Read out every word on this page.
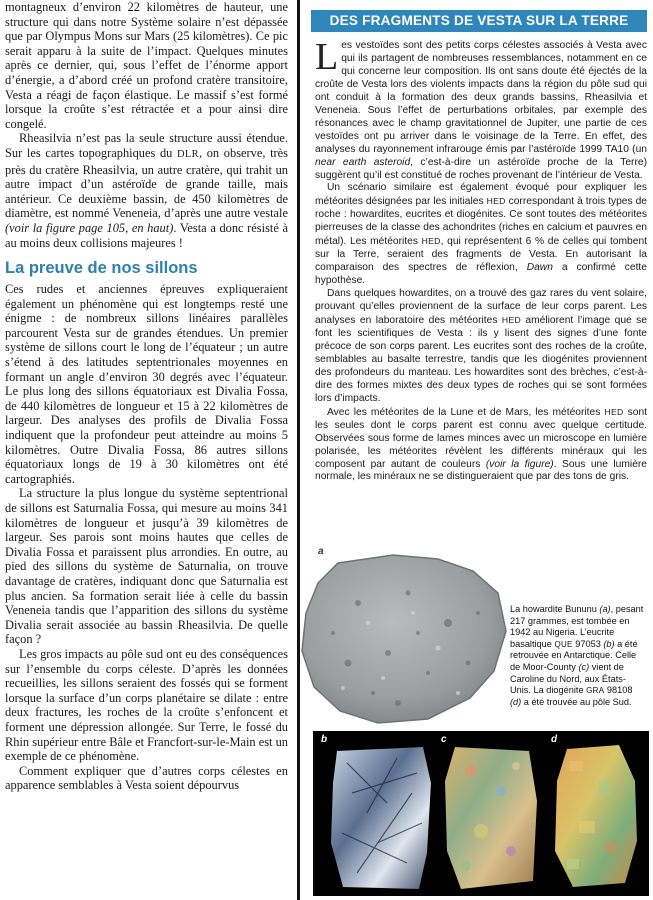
montagneux d’environ 22 kilomètres de hauteur, une structure qui dans notre Système solaire n’est dépassée que par Olympus Mons sur Mars (25 kilomètres). Ce pic serait apparu à la suite de l’impact. Quelques minutes après ce dernier, qui, sous l’effet de l’énorme apport d’énergie, a d’abord créé un profond cratère transitoire, Vesta a réagi de façon élastique. Le massif s’est formé lorsque la croûte s’est rétractée et a pour ainsi dire congelé.

Rheasilvia n’est pas la seule structure aussi étendue. Sur les cartes topographiques du DLR, on observe, très près du cratère Rheasilvia, un autre cratère, qui trahit un autre impact d’un astéroïde de grande taille, mais antérieur. Ce deuxième bassin, de 450 kilomètres de diamètre, est nommé Veneneia, d’après une autre vestale (voir la figure page 105, en haut). Vesta a donc résisté à au moins deux collisions majeures !

La preuve de nos sillons

Ces rudes et anciennes épreuves expliqueraient également un phénomène qui est longtemps resté une énigme : de nombreux sillons linéaires parallèles parcourent Vesta sur de grandes étendues. Un premier système de sillons court le long de l’équateur ; un autre s’étend à des latitudes septentrionales moyennes en formant un angle d’environ 30 degrés avec l’équateur. Le plus long des sillons équatoriaux est Divalia Fossa, de 440 kilomètres de longueur et 15 à 22 kilomètres de largeur. Des analyses des profils de Divalia Fossa indiquent que la profondeur peut atteindre au moins 5 kilomètres. Outre Divalia Fossa, 86 autres sillons équatoriaux longs de 19 à 30 kilomètres ont été cartographiés.

La structure la plus longue du système septentrional de sillons est Saturnalia Fossa, qui mesure au moins 341 kilomètres de longueur et jusqu’à 39 kilomètres de largeur. Ses parois sont moins hautes que celles de Divalia Fossa et paraissent plus arrondies. En outre, au pied des sillons du système de Saturnalia, on trouve davantage de cratères, indiquant donc que Saturnalia est plus ancien. Sa formation serait liée à celle du bassin Veneneia tandis que l’apparition des sillons du système Divalia serait associée au bassin Rheasilvia. De quelle façon ?

Les gros impacts au pôle sud ont eu des conséquences sur l’ensemble du corps céleste. D’après les données recueillies, les sillons seraient des fossés qui se forment lorsque la surface d’un corps planétaire se dilate : entre deux fractures, les roches de la croûte s’enfoncent et forment une dépression allongée. Sur Terre, le fossé du Rhin supérieur entre Bâle et Francfort-sur-le-Main est un exemple de ce phénomène.

Comment expliquer que d’autres corps célestes en apparence semblables à Vesta soient dépourvus

DES FRAGMENTS DE VESTA SUR LA TERRE

Les vestoïdes sont des petits corps célestes associés à Vesta avec qui ils partagent de nombreuses ressemblances, notamment en ce qui concerne leur composition. Ils ont sans doute été éjectés de la croûte de Vesta lors des violents impacts dans la région du pôle sud qui ont conduit à la formation des deux grands bassins, Rheasilvia et Veneneia. Sous l’effet de perturbations orbitales, par exemple des résonances avec le champ gravitationnel de Jupiter, une partie de ces vestoïdes ont pu arriver dans le voisinage de la Terre. En effet, des analyses du rayonnement infrarouge émis par l’astéroïde 1999 TA10 (un near earth asteroid, c’est-à-dire un astéroïde proche de la Terre) suggèrent qu’il est constitué de roches provenant de l’intérieur de Vesta.

Un scénario similaire est également évoqué pour expliquer les météorites désignées par les initiales HED correspondant à trois types de roche : howardites, eucrites et diogénites. Ce sont toutes des météorites pierreuses de la classe des achondrites (riches en calcium et pauvres en métal). Les météorites HED, qui représentent 6 % de celles qui tombent sur la Terre, seraient des fragments de Vesta. En autorisant la comparaison des spectres de réflexion, Dawn a confirmé cette hypothèse.

Dans quelques howardites, on a trouvé des gaz rares du vent solaire, prouvant qu’elles proviennent de la surface de leur corps parent. Les analyses en laboratoire des météorites HED améliorent l’image que se font les scientifiques de Vesta : ils y lisent des signes d’une fonte précoce de son corps parent. Les eucrites sont des roches de la croûte, semblables au basalte terrestre, tandis que les diogénites proviennent des profondeurs du manteau. Les howardites sont des brèches, c’est-à-dire des formes mixtes des deux types de roches qui se sont formées lors d’impacts.

Avec les météorites de la Lune et de Mars, les météorites HED sont les seules dont le corps parent est connu avec quelque certitude. Observées sous forme de lames minces avec un microscope en lumière polarisée, les météorites révèlent les différents minéraux qui les composent par autant de couleurs (voir la figure). Sous une lumière normale, les minéraux ne se distingueraient que par des tons de gris.

a
La howardite Bununu (a), pesant 217 grammes, est tombée en 1942 au Nigeria. L’eucrite basaltique QUE 97053 (b) a été retrouvée en Antarctique. Celle de Moor-County (c) vient de Caroline du Nord, aux États-Unis. La diogénite GRA 98108 (d) a été trouvée au pôle Sud.
b	c	d
